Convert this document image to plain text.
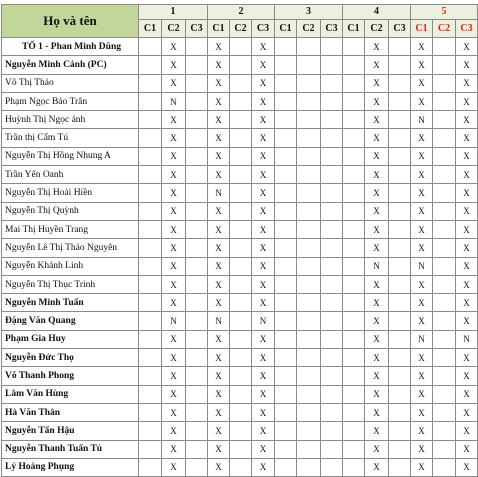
Họ và tên	1			2			3			4			5		
	C1	C2	C3	C1	C2	C3	C1	C2	C3	C1	C2	C3	C1	C2	C3
TỔ 1 - Phan Minh Dũng		X		X		X					X		X		X
Nguyễn Minh Cảnh (PC)		X		X		X					X		X		X
Võ Thị Thảo		X		X		X					X		X		X
Phạm Ngọc Bảo Trân		N		X		X					X		X		X
Huỳnh Thị Ngọc ánh		X		X		X					X		N		X
Trần thị Cẩm Tú		X		X		X					X		X		X
Nguyễn Thị Hồng Nhung A		X		X		X					X		X		X
Trần Yến Oanh		X		X		X					X		X		X
Nguyễn Thị Hoài Hiền		X		N		X					X		X		X
Nguyễn Thị Quỳnh		X		X		X					X		X		X
Mai Thị Huyền Trang		X		X		X					X		X		X
Nguyễn Lê Thị Thảo Nguyên		X		X		X					X		X		X
Nguyễn Khánh Linh		X		X		X					N		N		X
Nguyễn Thị Thục Trinh		X		X		X					X		X		X
Nguyễn Minh Tuấn		X		X		X					X		X		X
Đặng Văn Quang		N		N		N					X		X		X
Phạm Gia Huy		X		X		X					X		N		N
Nguyễn Đức Thọ		X		X		X					X		X		X
Võ Thanh Phong		X		X		X					X		X		X
Lâm Văn Hùng		X		X		X					X		X		X
Hà Văn Thân		X		X		X					X		X		X
Nguyễn Tấn Hậu		X		X		X					X		X		X
Nguyễn Thanh Tuấn Tú		X		X		X					X		X		X
Lý Hoàng Phụng		X		X		X					X		X		X
